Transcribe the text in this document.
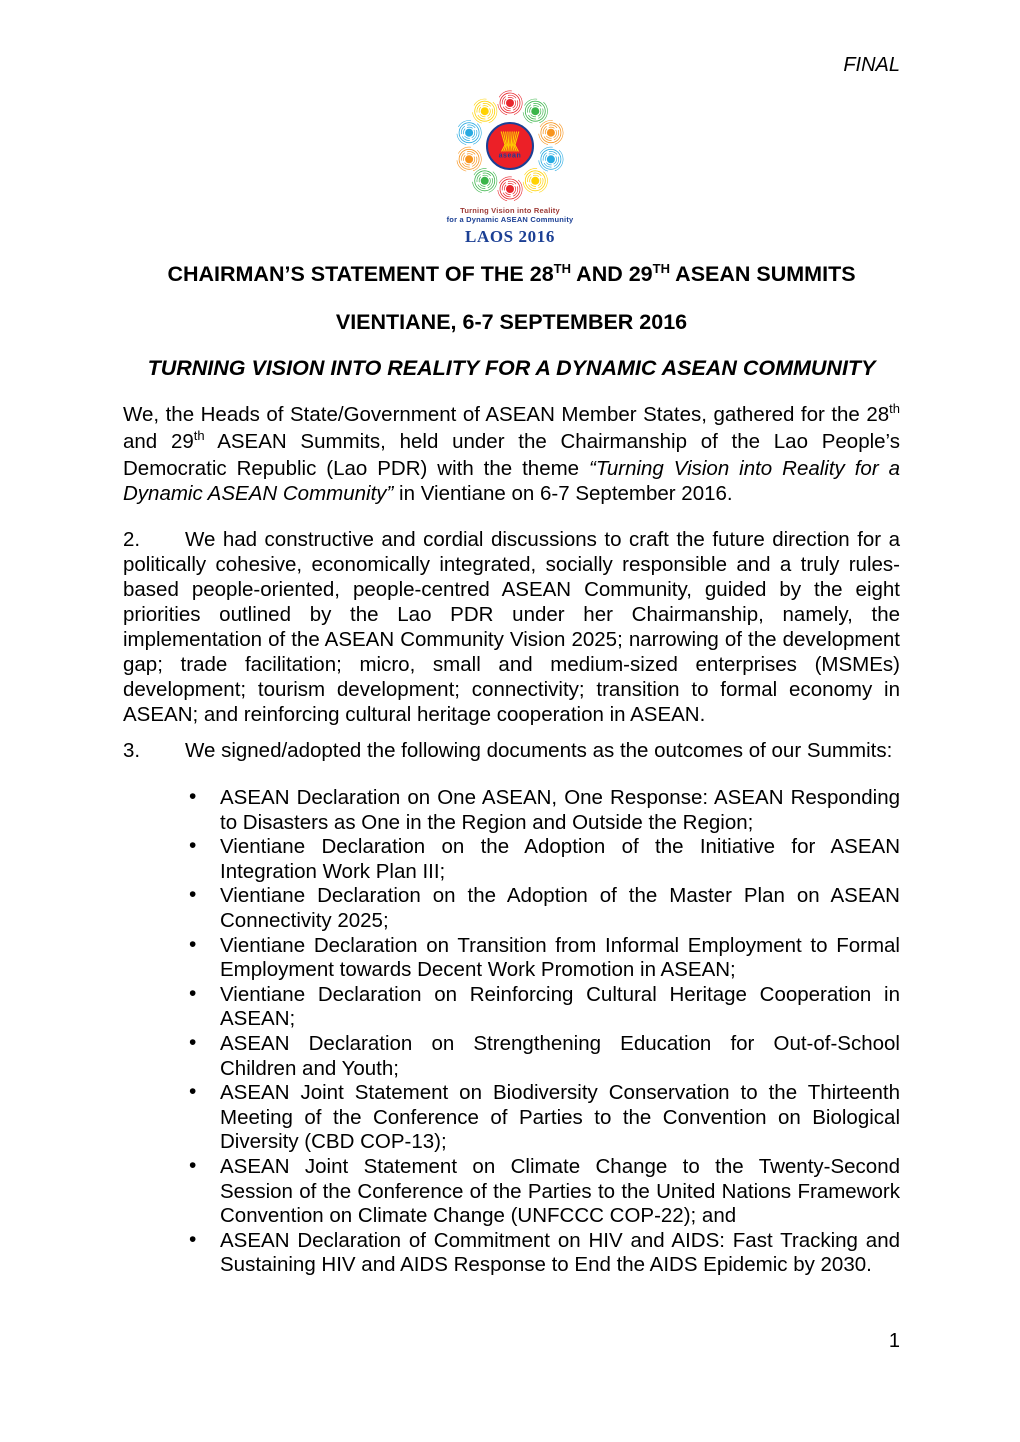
FINAL
asean
Turning Vision into Reality
for a Dynamic ASEAN Community
LAOS 2016
CHAIRMAN’S STATEMENT OF THE 28TH AND 29TH ASEAN SUMMITS
VIENTIANE, 6-7 SEPTEMBER 2016
TURNING VISION INTO REALITY FOR A DYNAMIC ASEAN COMMUNITY

We, the Heads of State/Government of ASEAN Member States, gathered for the 28th and 29th ASEAN Summits, held under the Chairmanship of the Lao People’s Democratic Republic (Lao PDR) with the theme “Turning Vision into Reality for a Dynamic ASEAN Community” in Vientiane on 6-7 September 2016.

2. We had constructive and cordial discussions to craft the future direction for a politically cohesive, economically integrated, socially responsible and a truly rules-based people-oriented, people-centred ASEAN Community, guided by the eight priorities outlined by the Lao PDR under her Chairmanship, namely, the implementation of the ASEAN Community Vision 2025; narrowing of the development gap; trade facilitation; micro, small and medium-sized enterprises (MSMEs) development; tourism development; connectivity; transition to formal economy in ASEAN; and reinforcing cultural heritage cooperation in ASEAN.

3. We signed/adopted the following documents as the outcomes of our Summits:

• ASEAN Declaration on One ASEAN, One Response: ASEAN Responding to Disasters as One in the Region and Outside the Region;
• Vientiane Declaration on the Adoption of the Initiative for ASEAN Integration Work Plan III;
• Vientiane Declaration on the Adoption of the Master Plan on ASEAN Connectivity 2025;
• Vientiane Declaration on Transition from Informal Employment to Formal Employment towards Decent Work Promotion in ASEAN;
• Vientiane Declaration on Reinforcing Cultural Heritage Cooperation in ASEAN;
• ASEAN Declaration on Strengthening Education for Out-of-School Children and Youth;
• ASEAN Joint Statement on Biodiversity Conservation to the Thirteenth Meeting of the Conference of Parties to the Convention on Biological Diversity (CBD COP-13);
• ASEAN Joint Statement on Climate Change to the Twenty-Second Session of the Conference of the Parties to the United Nations Framework Convention on Climate Change (UNFCCC COP-22); and
• ASEAN Declaration of Commitment on HIV and AIDS: Fast Tracking and Sustaining HIV and AIDS Response to End the AIDS Epidemic by 2030.
1
